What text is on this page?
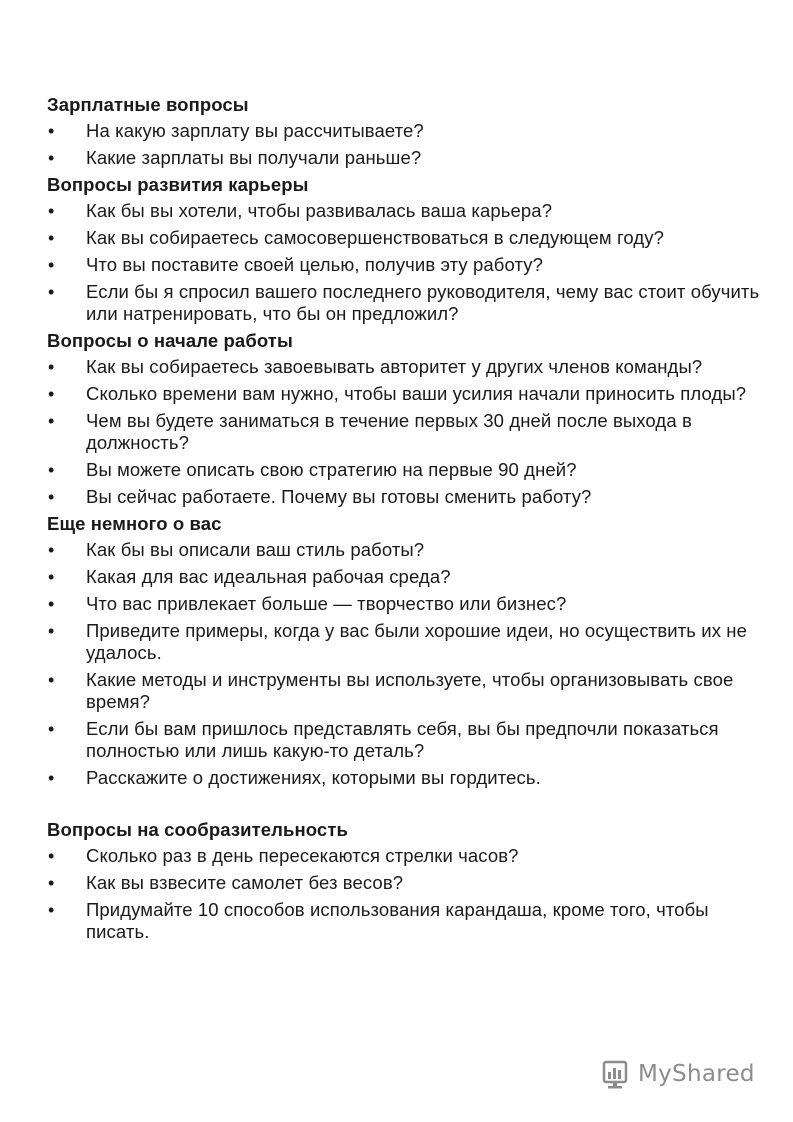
Зарплатные вопросы
• На какую зарплату вы рассчитываете?
• Какие зарплаты вы получали раньше?
Вопросы развития карьеры
• Как бы вы хотели, чтобы развивалась ваша карьера?
• Как вы собираетесь самосовершенствоваться в следующем году?
• Что вы поставите своей целью, получив эту работу?
• Если бы я спросил вашего последнего руководителя, чему вас стоит обучить или натренировать, что бы он предложил?
Вопросы о начале работы
• Как вы собираетесь завоевывать авторитет у других членов команды?
• Сколько времени вам нужно, чтобы ваши усилия начали приносить плоды?
• Чем вы будете заниматься в течение первых 30 дней после выхода в должность?
• Вы можете описать свою стратегию на первые 90 дней?
• Вы сейчас работаете. Почему вы готовы сменить работу?
Еще немного о вас
• Как бы вы описали ваш стиль работы?
• Какая для вас идеальная рабочая среда?
• Что вас привлекает больше — творчество или бизнес?
• Приведите примеры, когда у вас были хорошие идеи, но осуществить их не удалось.
• Какие методы и инструменты вы используете, чтобы организовывать свое время?
• Если бы вам пришлось представлять себя, вы бы предпочли показаться полностью или лишь какую-то деталь?
• Расскажите о достижениях, которыми вы гордитесь.
Вопросы на сообразительность
• Сколько раз в день пересекаются стрелки часов?
• Как вы взвесите самолет без весов?
• Придумайте 10 способов использования карандаша, кроме того, чтобы писать.
MyShared
